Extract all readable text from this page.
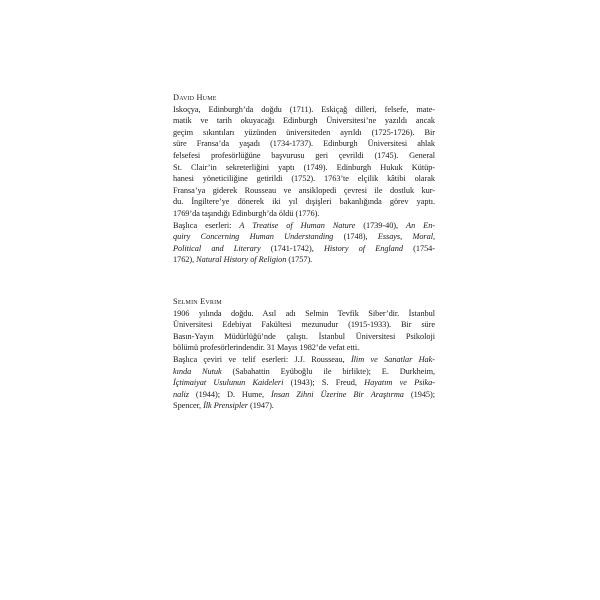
David Hume
Iskoçya, Edinburgh’da doğdu (1711). Eskiçağ dilleri, felsefe, mate-
matik ve tarih okuyacağı Edinburgh Üniversitesi’ne yazıldı ancak
geçim sıkıntıları yüzünden üniversiteden ayrıldı (1725-1726). Bir
süre Fransa’da yaşadı (1734-1737). Edinburgh Üniversitesi ahlak
felsefesi profesörlüğüne başvurusu geri çevrildi (1745). General
St. Clair’in sekreterliğini yaptı (1749). Edinburgh Hukuk Kütüp-
hanesi yöneticiliğine getirildi (1752). 1763’te elçilik kâtibi olarak
Fransa’ya giderek Rousseau ve ansiklopedi çevresi ile dostluk kur-
du. İngiltere’ye dönerek iki yıl dışişleri bakanlığında görev yaptı.
1769’da taşındığı Edinburgh’da öldü (1776).
Başlıca eserleri: A Treatise of Human Nature (1739-40), An En-
quiry Concerning Human Understanding (1748), Essays, Moral,
Political and Literary (1741-1742), History of England (1754-
1762), Natural History of Religion (1757).
Selmin Evrim
1906 yılında doğdu. Asıl adı Selmin Tevfik Siber’dir. İstanbul
Üniversitesi Edebiyat Fakültesi mezunudur (1915-1933). Bir süre
Basın-Yayın Müdürlüğü’nde çalıştı. İstanbul Üniversitesi Psikoloji
bölümü profesörlerindendir. 31 Mayıs 1982’de vefat etti.
Başlıca çeviri ve telif eserleri: J.J. Rousseau, İlim ve Sanatlar Hak-
kında Nutuk (Sabahattin Eyüboğlu ile birlikte); E. Durkheim,
İçtimaiyat Usulunun Kaideleri (1943); S. Freud, Hayatım ve Psika-
naliz (1944); D. Hume, İnsan Zihni Üzerine Bir Araştırma (1945);
Spencer, İlk Prensipler (1947).
